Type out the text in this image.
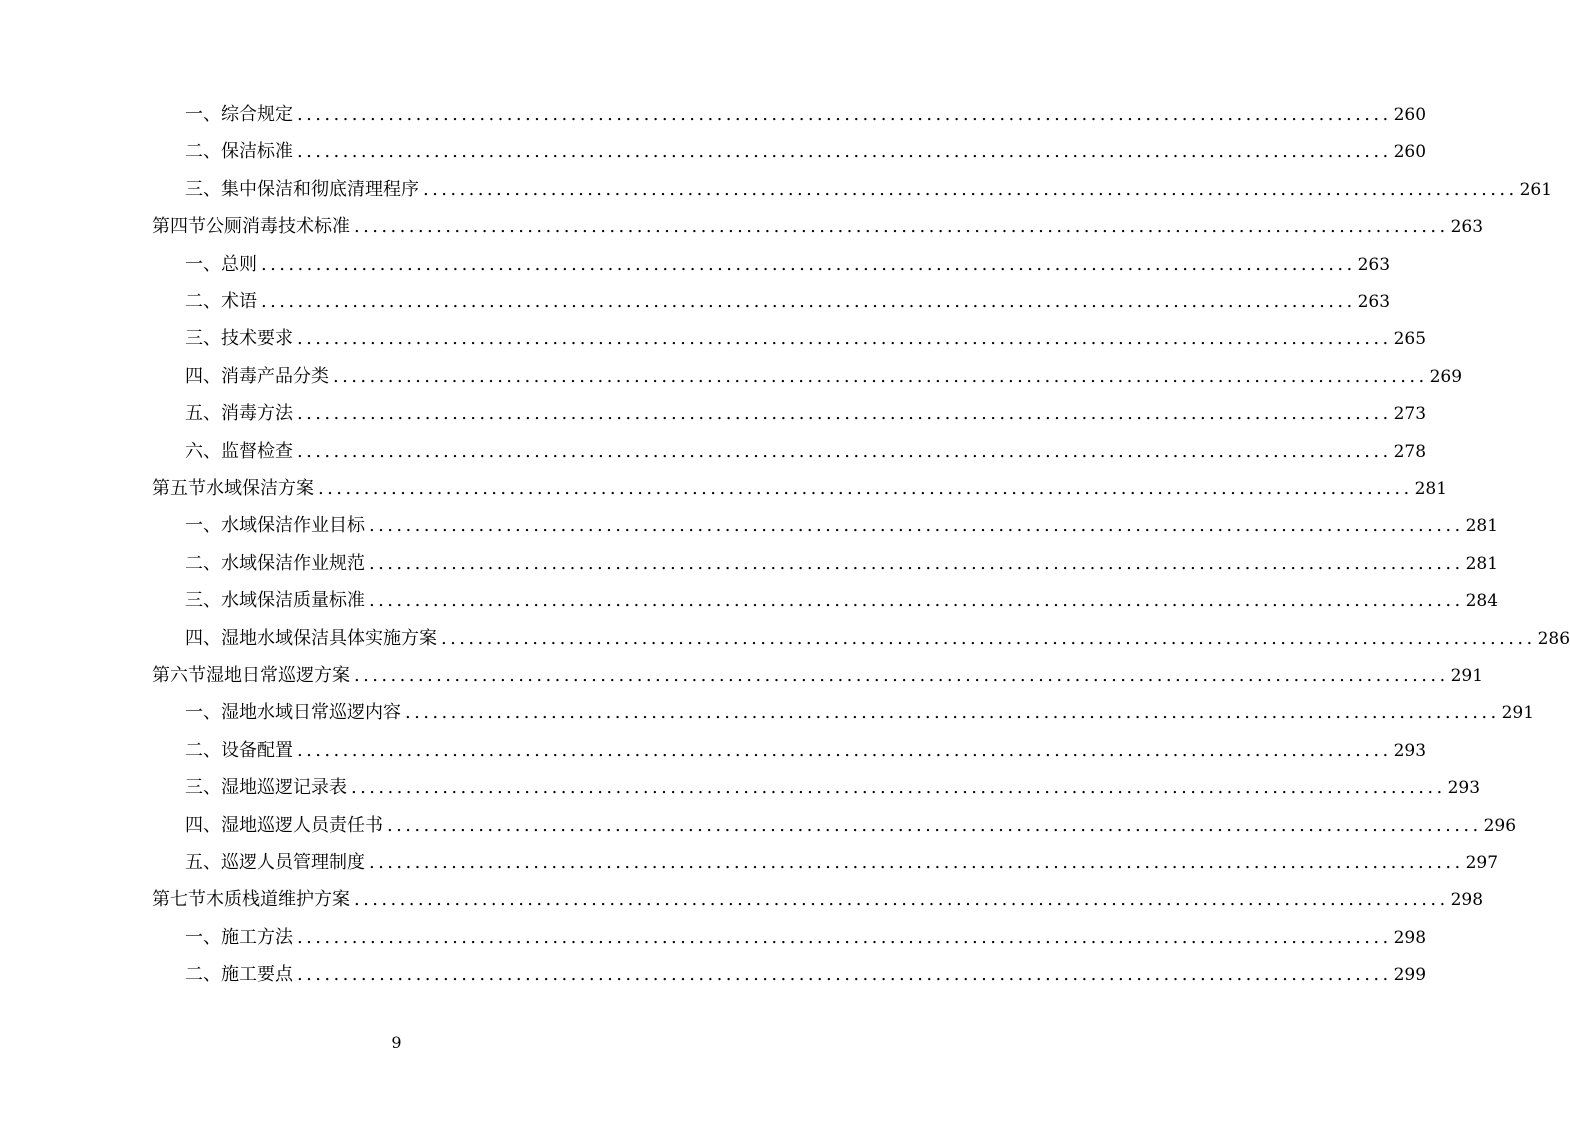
一、 综合规定 ........................................................................................................................ 260
二、 保洁标准 ........................................................................................................................ 260
三、 集中保洁和彻底清理程序 ........................................................................................................................ 261
第四节 公厕消毒技术标准 ........................................................................................................................ 263
一、 总则 ........................................................................................................................ 263
二、 术语 ........................................................................................................................ 263
三、 技术要求 ........................................................................................................................ 265
四、 消毒产品分类 ........................................................................................................................ 269
五、 消毒方法 ........................................................................................................................ 273
六、 监督检查 ........................................................................................................................ 278
第五节 水域保洁方案 ........................................................................................................................ 281
一、 水域保洁作业目标 ........................................................................................................................ 281
二、 水域保洁作业规范 ........................................................................................................................ 281
三、 水域保洁质量标准 ........................................................................................................................ 284
四、 湿地水域保洁具体实施方案 ........................................................................................................................ 286
第六节 湿地日常巡逻方案 ........................................................................................................................ 291
一、 湿地水域日常巡逻内容 ........................................................................................................................ 291
二、 设备配置 ........................................................................................................................ 293
三、 湿地巡逻记录表 ........................................................................................................................ 293
四、 湿地巡逻人员责任书 ........................................................................................................................ 296
五、 巡逻人员管理制度 ........................................................................................................................ 297
第七节 木质栈道维护方案 ........................................................................................................................ 298
一、 施工方法 ........................................................................................................................ 298
二、 施工要点 ........................................................................................................................ 299
9
